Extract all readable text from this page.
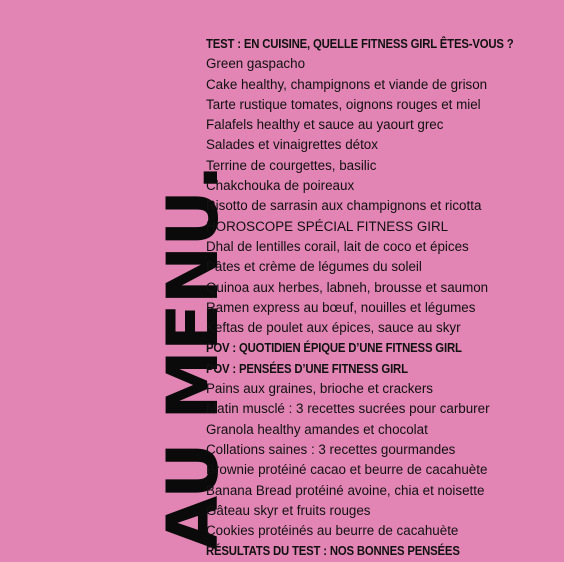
AU MENU.
TEST : EN CUISINE, QUELLE FITNESS GIRL ÊTES-VOUS ?
Green gaspacho
Cake healthy, champignons et viande de grison
Tarte rustique tomates, oignons rouges et miel
Falafels healthy et sauce au yaourt grec
Salades et vinaigrettes détox
Terrine de courgettes, basilic
Chakchouka de poireaux
Risotto de sarrasin aux champignons et ricotta
HOROSCOPE SPÉCIAL FITNESS GIRL
Dhal de lentilles corail, lait de coco et épices
Pâtes et crème de légumes du soleil
Quinoa aux herbes, labneh, brousse et saumon
Ramen express au bœuf, nouilles et légumes
Keftas de poulet aux épices, sauce au skyr
POV : QUOTIDIEN ÉPIQUE D’UNE FITNESS GIRL
POV : PENSÉES D’UNE FITNESS GIRL
Pains aux graines, brioche et crackers
Matin musclé : 3 recettes sucrées pour carburer
Granola healthy amandes et chocolat
Collations saines : 3 recettes gourmandes
Brownie protéiné cacao et beurre de cacahuète
Banana Bread protéiné avoine, chia et noisette
Gâteau skyr et fruits rouges
Cookies protéinés au beurre de cacahuète
RÉSULTATS DU TEST : NOS BONNES PENSÉES
